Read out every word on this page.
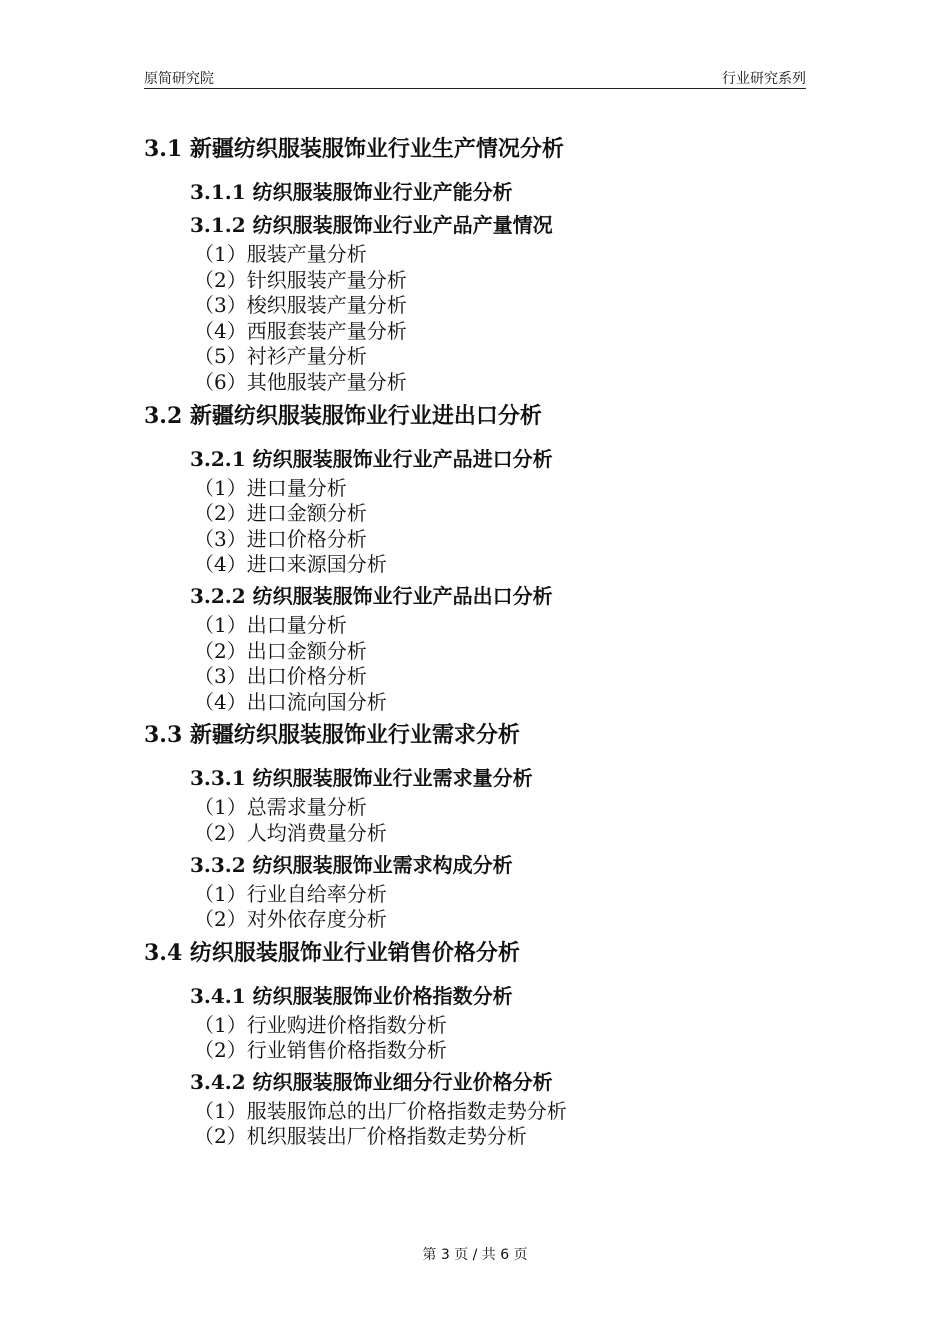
原简研究院	行业研究系列
3.1 新疆纺织服装服饰业行业生产情况分析
3.1.1 纺织服装服饰业行业产能分析
3.1.2 纺织服装服饰业行业产品产量情况
（1）服装产量分析
（2）针织服装产量分析
（3）梭织服装产量分析
（4）西服套装产量分析
（5）衬衫产量分析
（6）其他服装产量分析
3.2 新疆纺织服装服饰业行业进出口分析
3.2.1 纺织服装服饰业行业产品进口分析
（1）进口量分析
（2）进口金额分析
（3）进口价格分析
（4）进口来源国分析
3.2.2 纺织服装服饰业行业产品出口分析
（1）出口量分析
（2）出口金额分析
（3）出口价格分析
（4）出口流向国分析
3.3 新疆纺织服装服饰业行业需求分析
3.3.1 纺织服装服饰业行业需求量分析
（1）总需求量分析
（2）人均消费量分析
3.3.2 纺织服装服饰业需求构成分析
（1）行业自给率分析
（2）对外依存度分析
3.4 纺织服装服饰业行业销售价格分析
3.4.1 纺织服装服饰业价格指数分析
（1）行业购进价格指数分析
（2）行业销售价格指数分析
3.4.2 纺织服装服饰业细分行业价格分析
（1）服装服饰总的出厂价格指数走势分析
（2）机织服装出厂价格指数走势分析
第 3 页 / 共 6 页
